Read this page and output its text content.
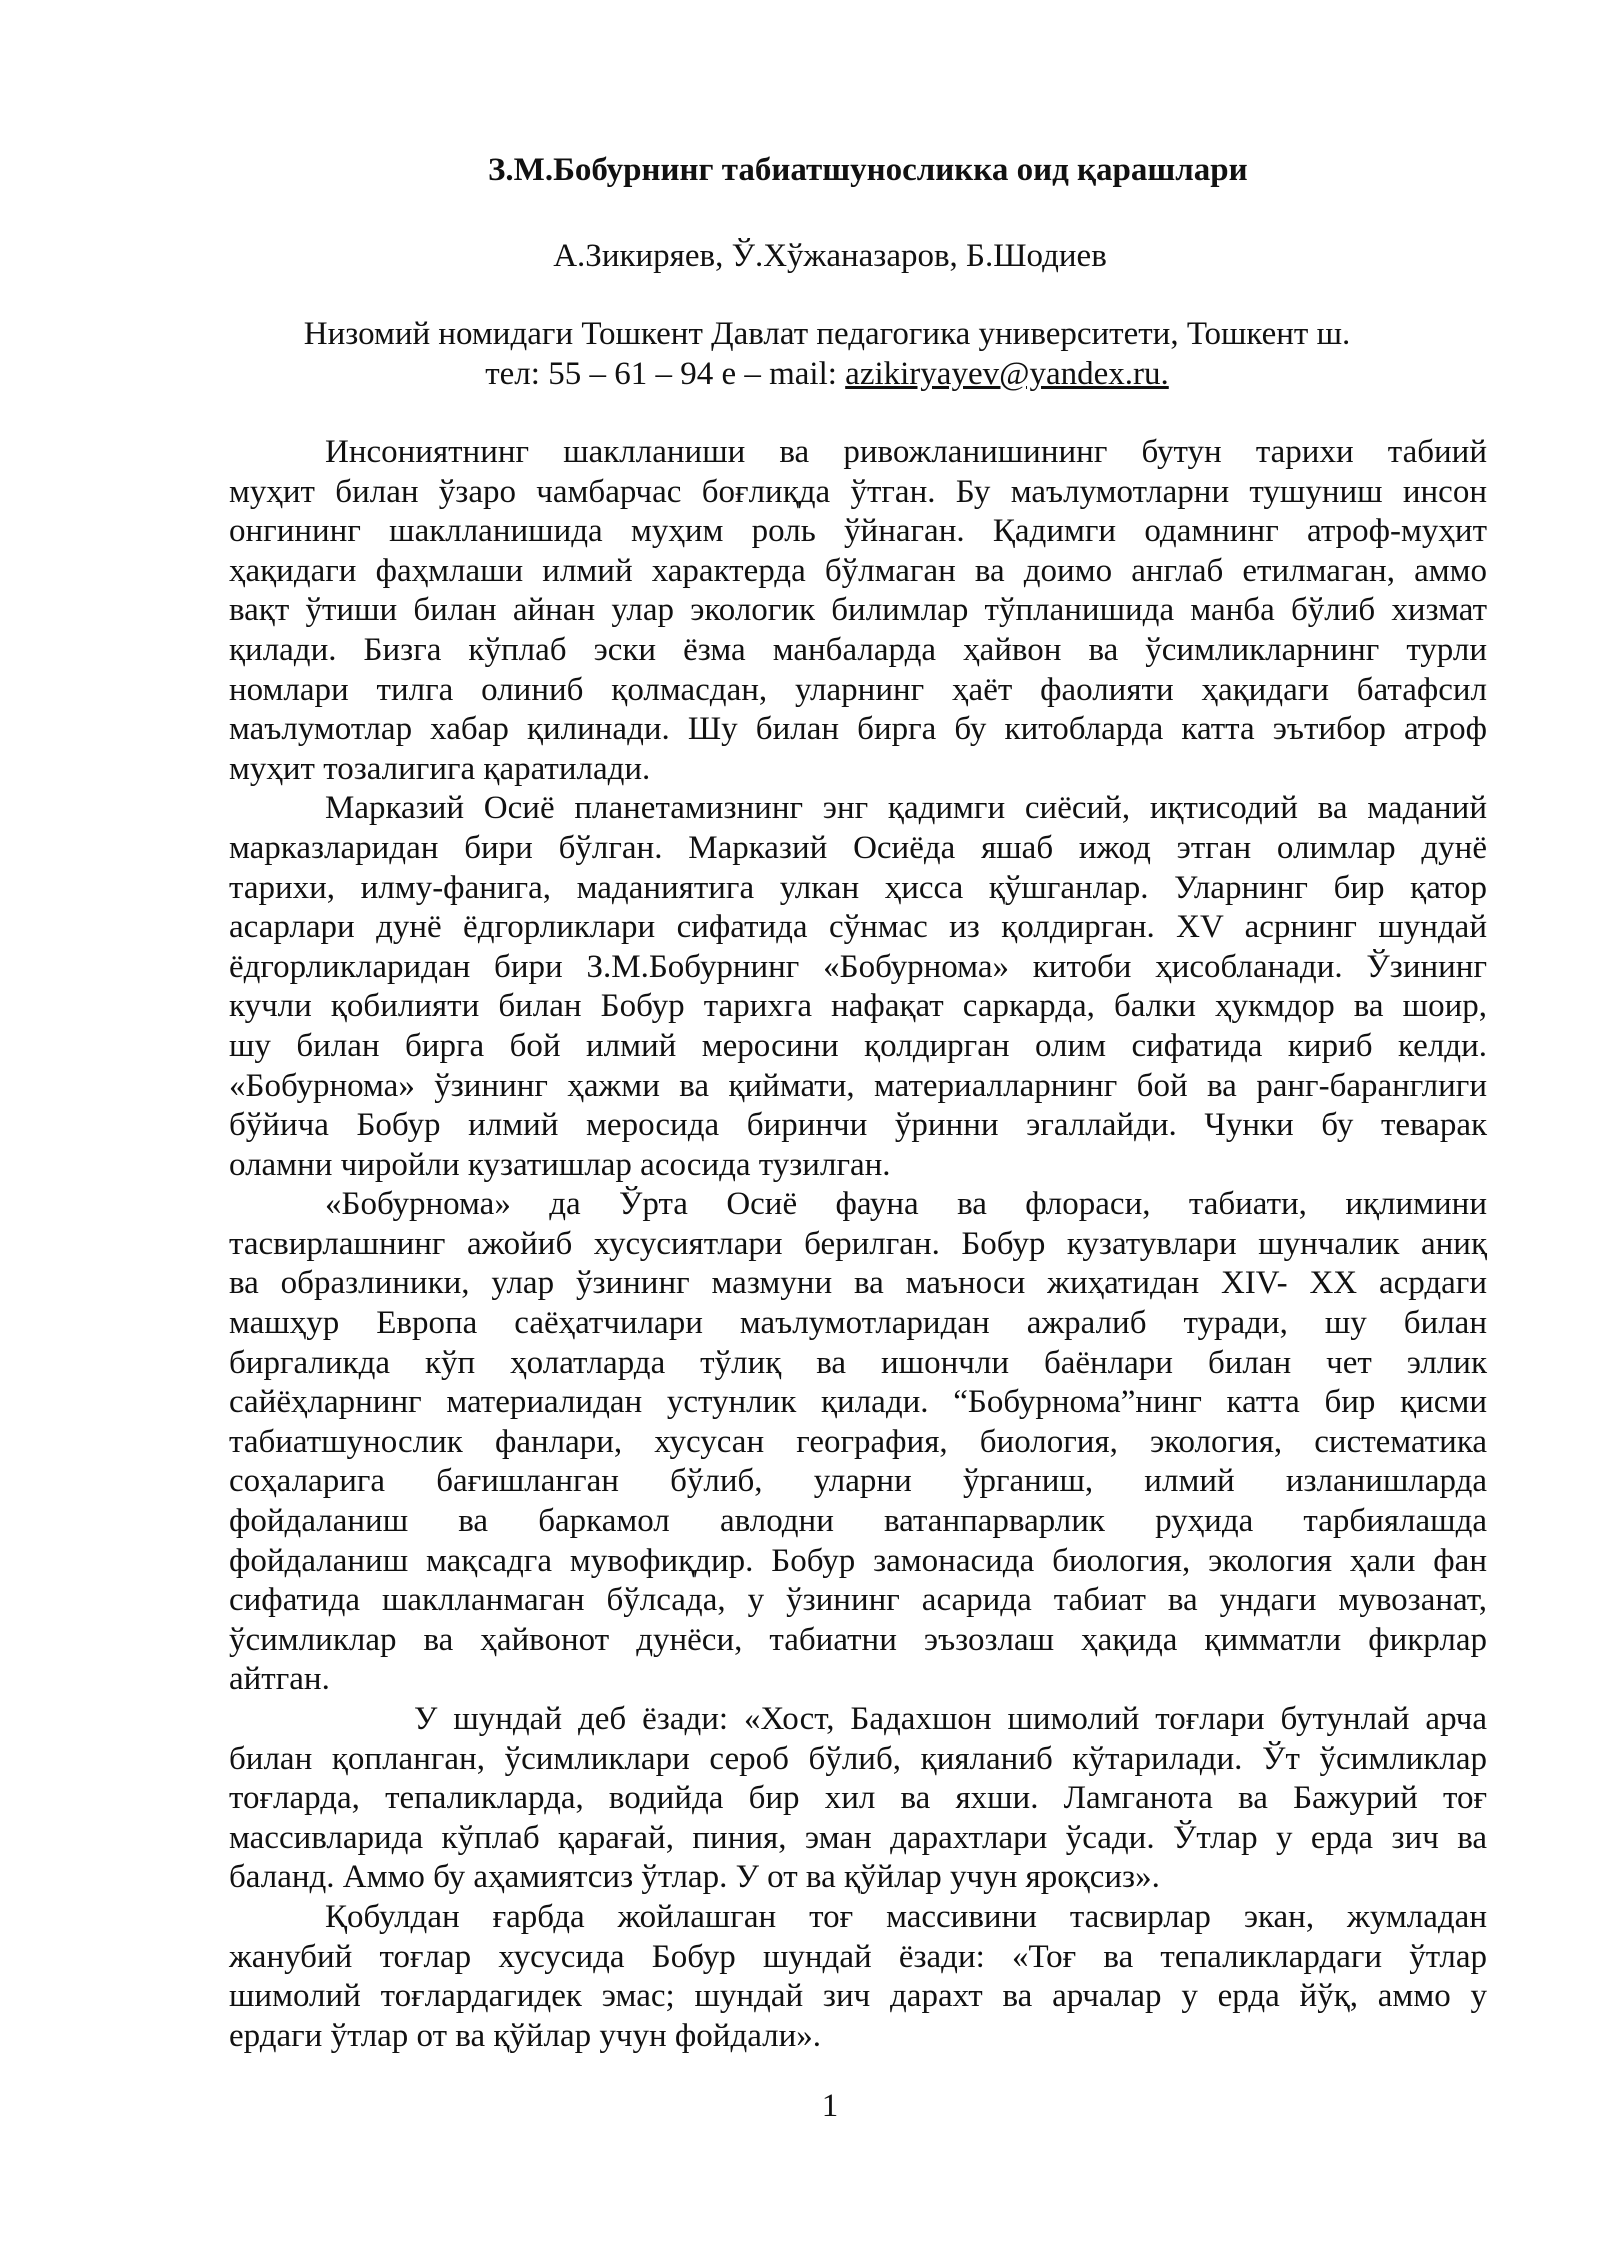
З.М.Бобурнинг табиатшуносликка оид қарашлари
А.Зикиряев, Ў.Хўжаназаров, Б.Шодиев
Низомий номидаги Тошкент Давлат педагогика университети, Тошкент ш.
тел: 55 – 61 – 94 е – mail: azikiryayev@yandex.ru.
Инсониятнинг шаклланиши ва ривожланишининг бутун тарихи табиий
муҳит билан ўзаро чамбарчас боғлиқда ўтган. Бу маълумотларни тушуниш инсон
онгининг шаклланишида муҳим роль ўйнаган. Қадимги одамнинг атроф-муҳит
ҳақидаги фаҳмлаши илмий характерда бўлмаган ва доимо англаб етилмаган, аммо
вақт ўтиши билан айнан улар экологик билимлар тўпланишида манба бўлиб хизмат
қилади. Бизга кўплаб эски ёзма манбаларда ҳайвон ва ўсимликларнинг турли
номлари тилга олиниб қолмасдан, уларнинг ҳаёт фаолияти ҳақидаги батафсил
маълумотлар хабар қилинади. Шу билан бирга бу китобларда катта эътибор атроф
муҳит тозалигига қаратилади.
Марказий Осиё планетамизнинг энг қадимги сиёсий, иқтисодий ва маданий
марказларидан бири бўлган. Марказий Осиёда яшаб ижод этган олимлар дунё
тарихи, илму-фанига, маданиятига улкан ҳисса қўшганлар. Уларнинг бир қатор
асарлари дунё ёдгорликлари сифатида сўнмас из қолдирган. XV асрнинг шундай
ёдгорликларидан бири З.М.Бобурнинг «Бобурнома» китоби ҳисобланади. Ўзининг
кучли қобилияти билан Бобур тарихга нафақат саркарда, балки ҳукмдор ва шоир,
шу билан бирга бой илмий меросини қолдирган олим сифатида кириб келди.
«Бобурнома» ўзининг ҳажми ва қиймати, материалларнинг бой ва ранг-баранглиги
бўйича Бобур илмий меросида биринчи ўринни эгаллайди. Чунки бу теварак
оламни чиройли кузатишлар асосида тузилган.
«Бобурнома» да Ўрта Осиё фауна ва флораси, табиати, иқлимини
тасвирлашнинг ажойиб хусусиятлари берилган. Бобур кузатувлари шунчалик аниқ
ва образлиники, улар ўзининг мазмуни ва маъноси жиҳатидан XIV- XX асрдаги
машҳур Европа саёҳатчилари маълумотларидан ажралиб туради, шу билан
биргаликда кўп ҳолатларда тўлиқ ва ишончли баёнлари билан чет эллик
сайёҳларнинг материалидан устунлик қилади. “Бобурнома”нинг катта бир қисми
табиатшунослик фанлари, хусусан география, биология, экология, систематика
соҳаларига бағишланган бўлиб, уларни ўрганиш, илмий изланишларда
фойдаланиш ва баркамол авлодни ватанпарварлик руҳида тарбиялашда
фойдаланиш мақсадга мувофиқдир. Бобур замонасида биология, экология ҳали фан
сифатида шаклланмаган бўлсада, у ўзининг асарида табиат ва ундаги мувозанат,
ўсимликлар ва ҳайвонот дунёси, табиатни эъзозлаш ҳақида қимматли фикрлар
айтган.
У шундай деб ёзади: «Хост, Бадахшон шимолий тоғлари бутунлай арча
билан қопланган, ўсимликлари сероб бўлиб, қияланиб кўтарилади. Ўт ўсимликлар
тоғларда, тепаликларда, водийда бир хил ва яхши. Ламганота ва Бажурий тоғ
массивларида кўплаб қарағай, пиния, эман дарахтлари ўсади. Ўтлар у ерда зич ва
баланд. Аммо бу аҳамиятсиз ўтлар. У от ва қўйлар учун яроқсиз».
Қобулдан ғарбда жойлашган тоғ массивини тасвирлар экан, жумладан
жанубий тоғлар хусусида Бобур шундай ёзади: «Тоғ ва тепаликлардаги ўтлар
шимолий тоғлардагидек эмас; шундай зич дарахт ва арчалар у ерда йўқ, аммо у
ердаги ўтлар от ва қўйлар учун фойдали».
1
